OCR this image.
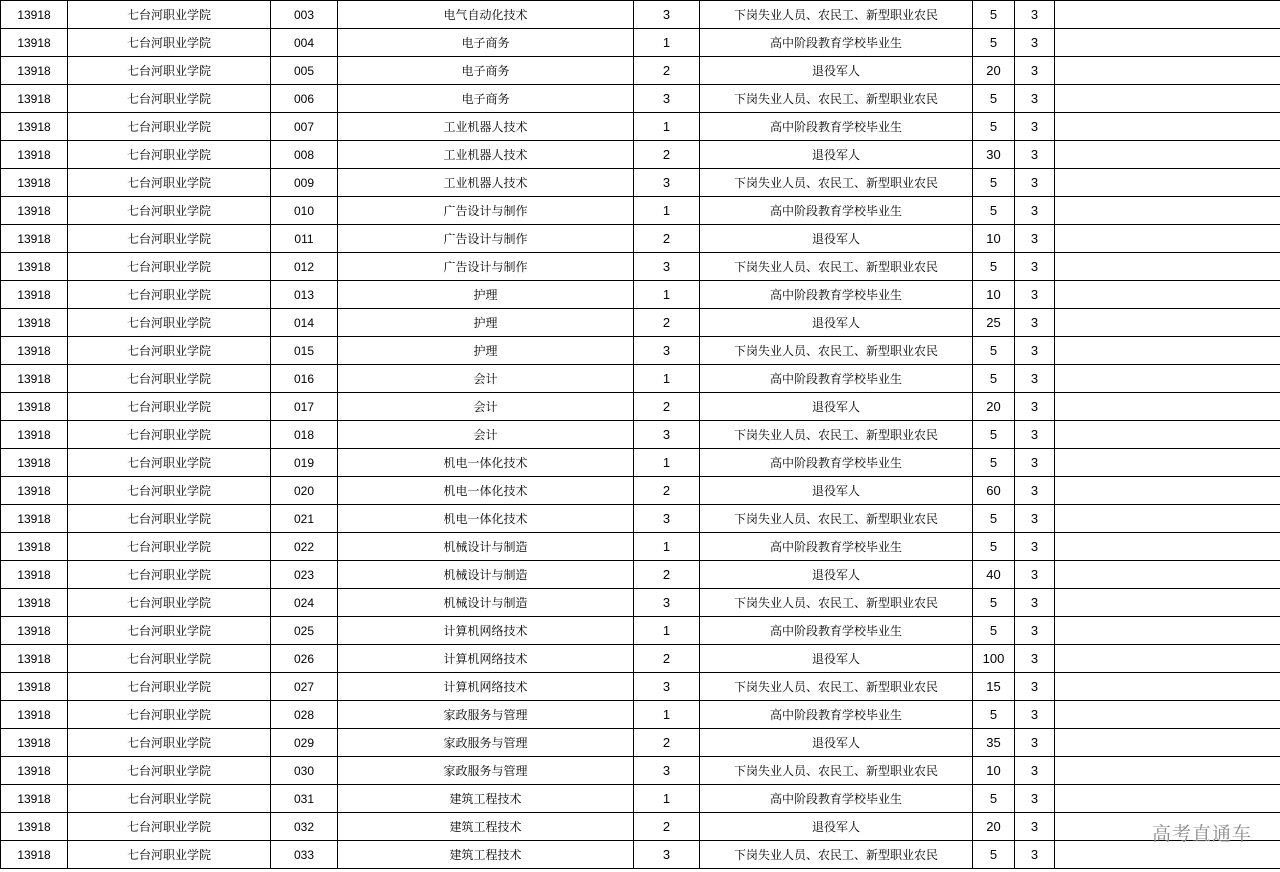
13918	七台河职业学院	003	电气自动化技术	3	下岗失业人员、农民工、新型职业农民	5	3	
13918	七台河职业学院	004	电子商务	1	高中阶段教育学校毕业生	5	3	
13918	七台河职业学院	005	电子商务	2	退役军人	20	3	
13918	七台河职业学院	006	电子商务	3	下岗失业人员、农民工、新型职业农民	5	3	
13918	七台河职业学院	007	工业机器人技术	1	高中阶段教育学校毕业生	5	3	
13918	七台河职业学院	008	工业机器人技术	2	退役军人	30	3	
13918	七台河职业学院	009	工业机器人技术	3	下岗失业人员、农民工、新型职业农民	5	3	
13918	七台河职业学院	010	广告设计与制作	1	高中阶段教育学校毕业生	5	3	
13918	七台河职业学院	011	广告设计与制作	2	退役军人	10	3	
13918	七台河职业学院	012	广告设计与制作	3	下岗失业人员、农民工、新型职业农民	5	3	
13918	七台河职业学院	013	护理	1	高中阶段教育学校毕业生	10	3	
13918	七台河职业学院	014	护理	2	退役军人	25	3	
13918	七台河职业学院	015	护理	3	下岗失业人员、农民工、新型职业农民	5	3	
13918	七台河职业学院	016	会计	1	高中阶段教育学校毕业生	5	3	
13918	七台河职业学院	017	会计	2	退役军人	20	3	
13918	七台河职业学院	018	会计	3	下岗失业人员、农民工、新型职业农民	5	3	
13918	七台河职业学院	019	机电一体化技术	1	高中阶段教育学校毕业生	5	3	
13918	七台河职业学院	020	机电一体化技术	2	退役军人	60	3	
13918	七台河职业学院	021	机电一体化技术	3	下岗失业人员、农民工、新型职业农民	5	3	
13918	七台河职业学院	022	机械设计与制造	1	高中阶段教育学校毕业生	5	3	
13918	七台河职业学院	023	机械设计与制造	2	退役军人	40	3	
13918	七台河职业学院	024	机械设计与制造	3	下岗失业人员、农民工、新型职业农民	5	3	
13918	七台河职业学院	025	计算机网络技术	1	高中阶段教育学校毕业生	5	3	
13918	七台河职业学院	026	计算机网络技术	2	退役军人	100	3	
13918	七台河职业学院	027	计算机网络技术	3	下岗失业人员、农民工、新型职业农民	15	3	
13918	七台河职业学院	028	家政服务与管理	1	高中阶段教育学校毕业生	5	3	
13918	七台河职业学院	029	家政服务与管理	2	退役军人	35	3	
13918	七台河职业学院	030	家政服务与管理	3	下岗失业人员、农民工、新型职业农民	10	3	
13918	七台河职业学院	031	建筑工程技术	1	高中阶段教育学校毕业生	5	3	
13918	七台河职业学院	032	建筑工程技术	2	退役军人	20	3	
13918	七台河职业学院	033	建筑工程技术	3	下岗失业人员、农民工、新型职业农民	5	3	
高考直通车
